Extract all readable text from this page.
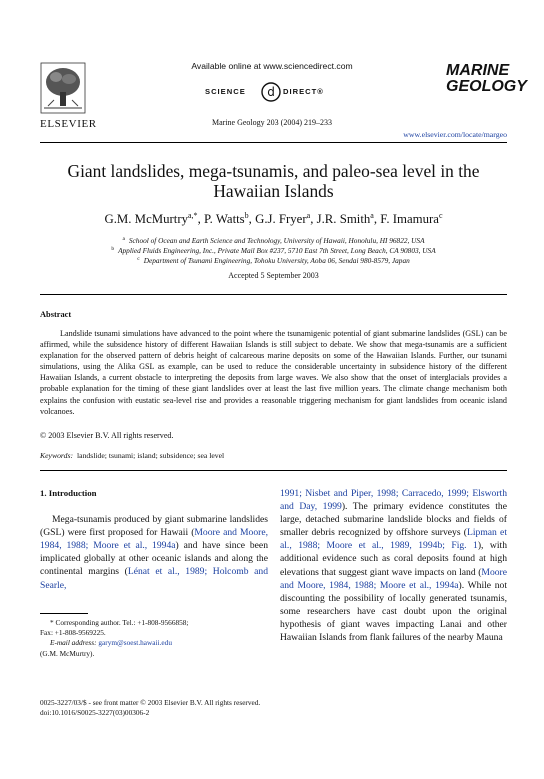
Available online at www.sciencedirect.com
SCIENCE d DIRECT®
Marine Geology 203 (2004) 219–233
ELSEVIER
MARINE
GEOLOGY
www.elsevier.com/locate/margeo
Giant landslides, mega-tsunamis, and paleo-sea level in the Hawaiian Islands
G.M. McMurtry$^{a,*}$, P. Watts$^b$, G.J. Fryer$^a$, J.R. Smith$^a$, F. Imamura$^c$
$^a$ School of Ocean and Earth Science and Technology, University of Hawaii, Honolulu, HI 96822, USA
$^b$ Applied Fluids Engineering, Inc., Private Mail Box #237, 5710 East 7th Street, Long Beach, CA 90803, USA
$^c$ Department of Tsunami Engineering, Tohoku University, Aoba 06, Sendai 980-8579, Japan
Accepted 5 September 2003
Abstract

Landslide tsunami simulations have advanced to the point where the tsunamigenic potential of giant submarine landslides (GSL) can be affirmed, while the subsidence history of different Hawaiian Islands is still subject to debate. We show that mega-tsunamis are a sufficient explanation for the observed pattern of debris height of calcareous marine deposits on some of the Hawaiian Islands. Further, our tsunami simulations, using the Alika GSL as example, can be used to reduce the considerable uncertainty in subsidence history of the different Hawaiian Islands, a current obstacle to interpreting the deposits from large waves. We also show that the onset of interglacials provides a probable explanation for the timing of these giant landslides over at least the last five million years. The climate change mechanism both explains the confusion with eustatic sea-level rise and provides a reasonable triggering mechanism for giant landslides from oceanic island volcanoes.

© 2003 Elsevier B.V. All rights reserved.
Keywords: landslide; tsunami; island; subsidence; sea level
1. Introduction

Mega-tsunamis produced by giant submarine landslides (GSL) were first proposed for Hawaii (Moore and Moore, 1984, 1988; Moore et al., 1994a) and have since been implicated globally at other oceanic islands and along the continental margins (Lénat et al., 1989; Holcomb and Searle,

1991; Nisbet and Piper, 1998; Carracedo, 1999; Elsworth and Day, 1999). The primary evidence constitutes the large, detached submarine landslide blocks and fields of smaller debris recognized by offshore surveys (Lipman et al., 1988; Moore et al., 1989, 1994b; Fig. 1), with additional evidence such as coral deposits found at high elevations that suggest giant wave impacts on land (Moore and Moore, 1984, 1988; Moore et al., 1994a). While not discounting the possibility of locally generated tsunamis, some researchers have cast doubt upon the original hypothesis of giant waves impacting Lanai and other Hawaiian Islands from flank failures of the nearby Mauna

* Corresponding author. Tel.: +1-808-9566858;
Fax: +1-808-9569225.
E-mail address: garym@soest.hawaii.edu
(G.M. McMurtry).
0025-3227/03/$ - see front matter © 2003 Elsevier B.V. All rights reserved.
doi:10.1016/S0025-3227(03)00306-2
